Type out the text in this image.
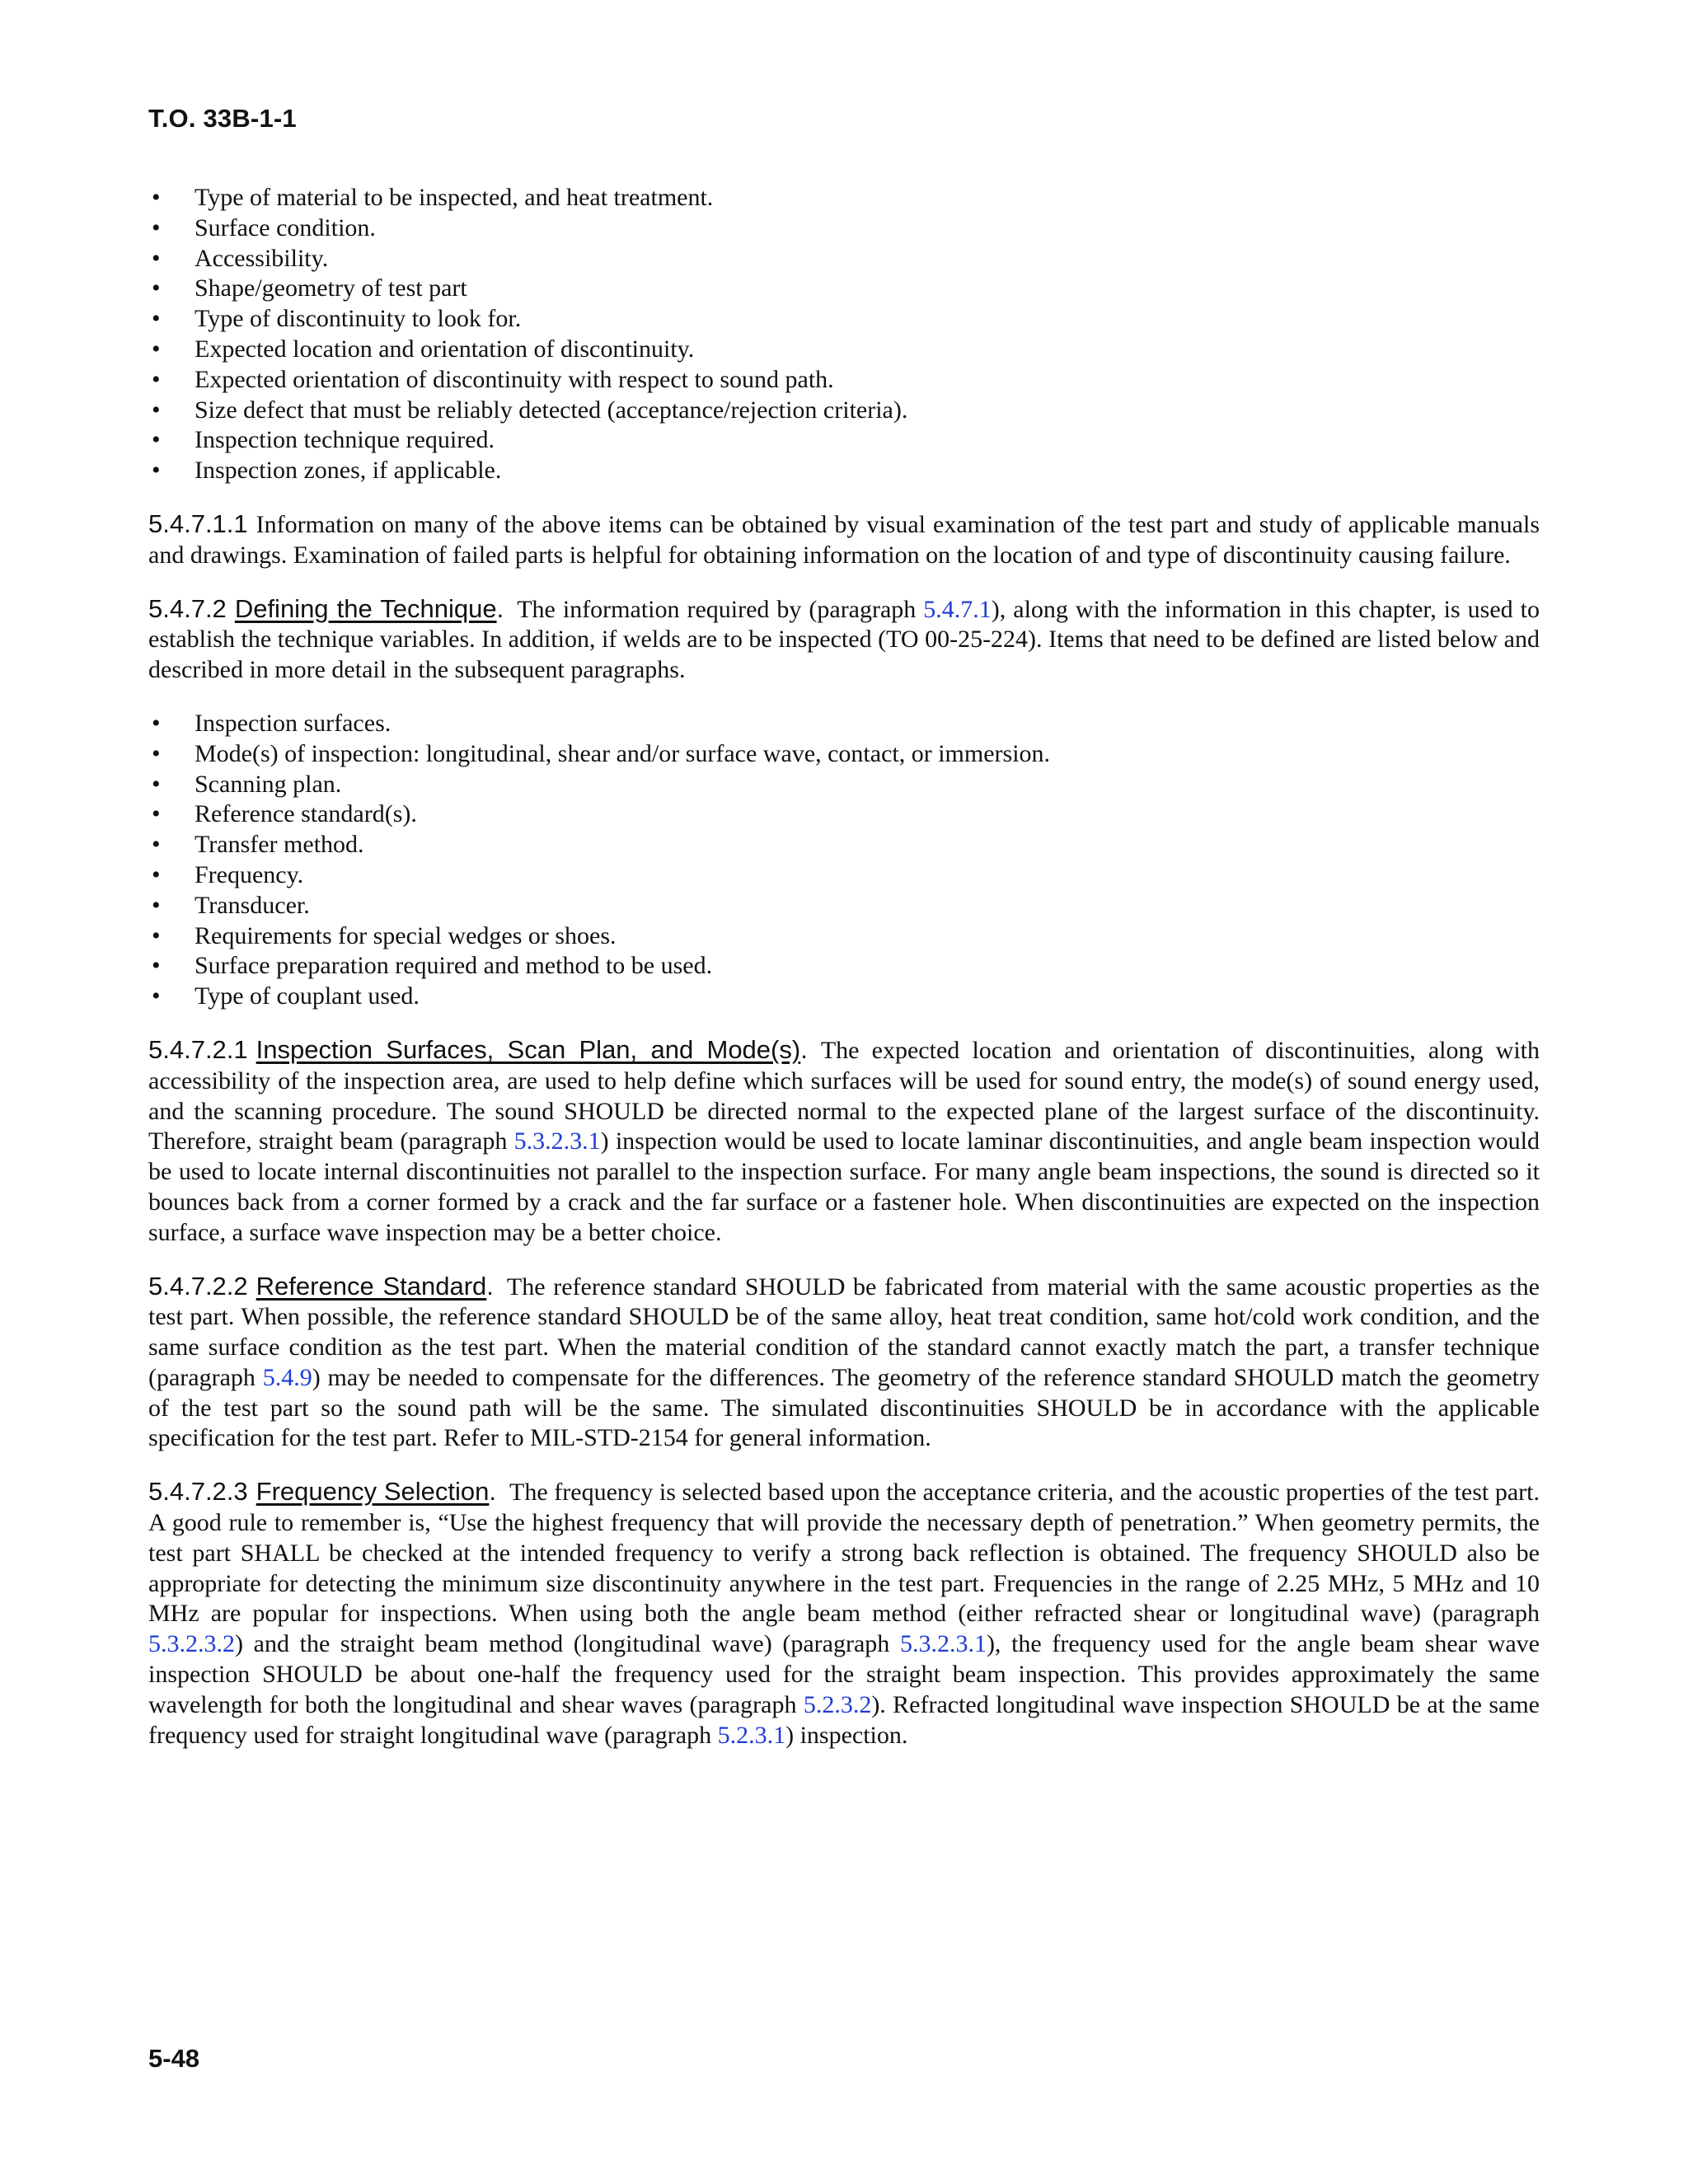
T.O. 33B-1-1
• Type of material to be inspected, and heat treatment.
• Surface condition.
• Accessibility.
• Shape/geometry of test part
• Type of discontinuity to look for.
• Expected location and orientation of discontinuity.
• Expected orientation of discontinuity with respect to sound path.
• Size defect that must be reliably detected (acceptance/rejection criteria).
• Inspection technique required.
• Inspection zones, if applicable.

5.4.7.1.1 Information on many of the above items can be obtained by visual examination of the test part and study of applicable manuals and drawings. Examination of failed parts is helpful for obtaining information on the location of and type of discontinuity causing failure.

5.4.7.2 Defining the Technique. The information required by (paragraph 5.4.7.1), along with the information in this chapter, is used to establish the technique variables. In addition, if welds are to be inspected (TO 00-25-224). Items that need to be defined are listed below and described in more detail in the subsequent paragraphs.

• Inspection surfaces.
• Mode(s) of inspection: longitudinal, shear and/or surface wave, contact, or immersion.
• Scanning plan.
• Reference standard(s).
• Transfer method.
• Frequency.
• Transducer.
• Requirements for special wedges or shoes.
• Surface preparation required and method to be used.
• Type of couplant used.

5.4.7.2.1 Inspection Surfaces, Scan Plan, and Mode(s). The expected location and orientation of discontinuities, along with accessibility of the inspection area, are used to help define which surfaces will be used for sound entry, the mode(s) of sound energy used, and the scanning procedure. The sound SHOULD be directed normal to the expected plane of the largest surface of the discontinuity. Therefore, straight beam (paragraph 5.3.2.3.1) inspection would be used to locate laminar discontinuities, and angle beam inspection would be used to locate internal discontinuities not parallel to the inspection surface. For many angle beam inspections, the sound is directed so it bounces back from a corner formed by a crack and the far surface or a fastener hole. When discontinuities are expected on the inspection surface, a surface wave inspection may be a better choice.

5.4.7.2.2 Reference Standard. The reference standard SHOULD be fabricated from material with the same acoustic properties as the test part. When possible, the reference standard SHOULD be of the same alloy, heat treat condition, same hot/cold work condition, and the same surface condition as the test part. When the material condition of the standard cannot exactly match the part, a transfer technique (paragraph 5.4.9) may be needed to compensate for the differences. The geometry of the reference standard SHOULD match the geometry of the test part so the sound path will be the same. The simulated discontinuities SHOULD be in accordance with the applicable specification for the test part. Refer to MIL-STD-2154 for general information.

5.4.7.2.3 Frequency Selection. The frequency is selected based upon the acceptance criteria, and the acoustic properties of the test part. A good rule to remember is, “Use the highest frequency that will provide the necessary depth of penetration.” When geometry permits, the test part SHALL be checked at the intended frequency to verify a strong back reflection is obtained. The frequency SHOULD also be appropriate for detecting the minimum size discontinuity anywhere in the test part. Frequencies in the range of 2.25 MHz, 5 MHz and 10 MHz are popular for inspections. When using both the angle beam method (either refracted shear or longitudinal wave) (paragraph 5.3.2.3.2) and the straight beam method (longitudinal wave) (paragraph 5.3.2.3.1), the frequency used for the angle beam shear wave inspection SHOULD be about one-half the frequency used for the straight beam inspection. This provides approximately the same wavelength for both the longitudinal and shear waves (paragraph 5.2.3.2). Refracted longitudinal wave inspection SHOULD be at the same frequency used for straight longitudinal wave (paragraph 5.2.3.1) inspection.

5-48
